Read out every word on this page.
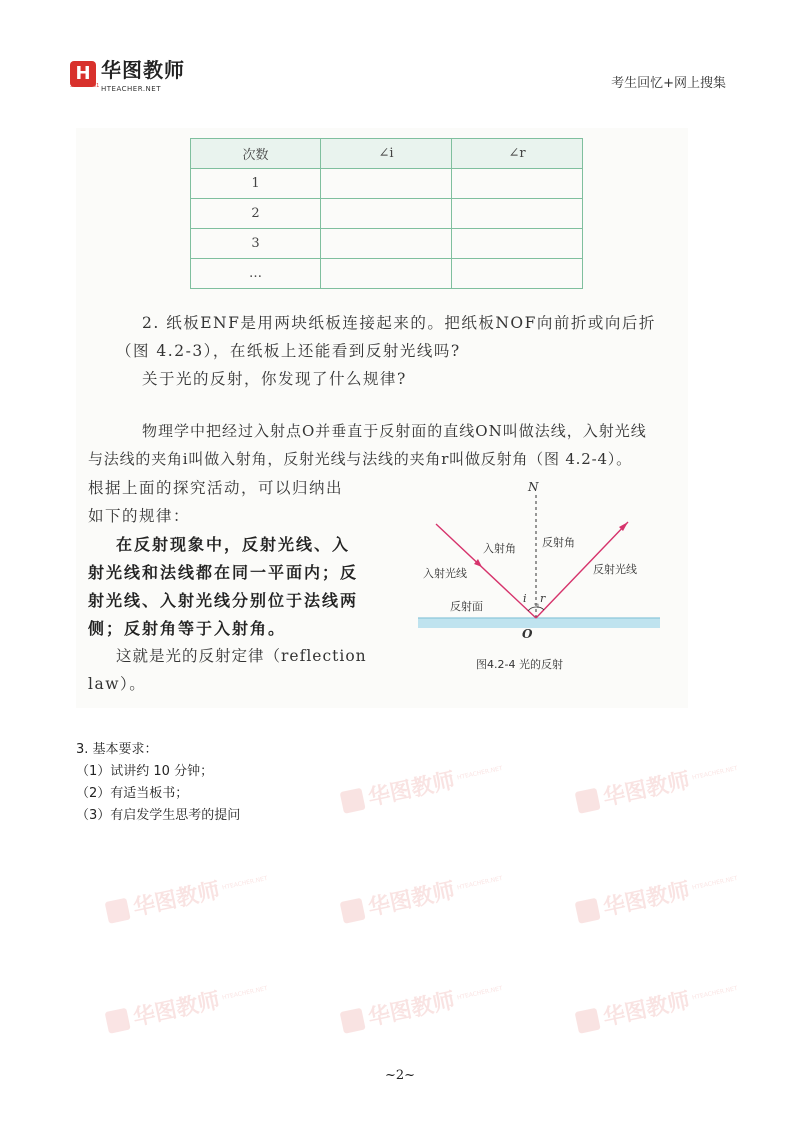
H 华图教师
HTEACHER.NET
SINCE 2001	考生回忆+网上搜集
次数	∠i	∠r
1		
2		
3		
…		
2. 纸板ENF是用两块纸板连接起来的。把纸板NOF向前折或向后折
（图 4.2-3），在纸板上还能看到反射光线吗?
关于光的反射，你发现了什么规律?
物理学中把经过入射点O并垂直于反射面的直线ON叫做法线，入射光线
与法线的夹角i叫做入射角，反射光线与法线的夹角r叫做反射角（图 4.2-4）。
根据上面的探究活动，可以归纳出
如下的规律：
在反射现象中，反射光线、入
射光线和法线都在同一平面内；反
射光线、入射光线分别位于法线两
侧；反射角等于入射角。
这就是光的反射定律（reflection
law）。
N
O
i r
入射角 反射角
入射光线	反射光线
反射面
图4.2-4 光的反射
3. 基本要求：
（1）试讲约 10 分钟；
（2）有适当板书；
（3）有启发学生思考的提问
华图教师 HTEACHER.NET	华图教师 HTEACHER.NET
华图教师 HTEACHER.NET	华图教师 HTEACHER.NET	华图教师 HTEACHER.NET
华图教师 HTEACHER.NET	华图教师 HTEACHER.NET	华图教师 HTEACHER.NET
~2~
